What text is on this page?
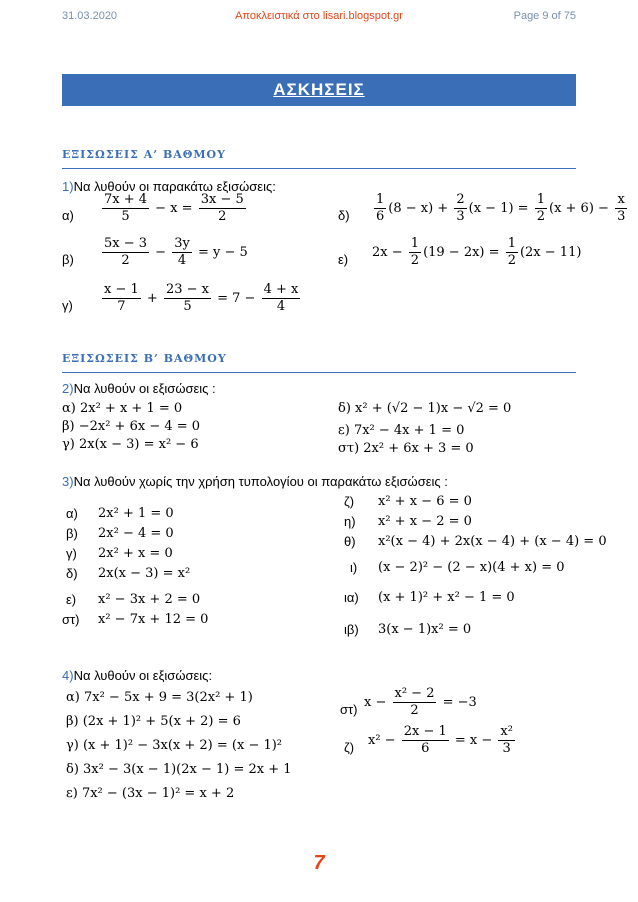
31.03.2020	Αποκλειστικά στο lisari.blogspot.gr	Page 9 of 75
ΑΣΚΗΣΕΙΣ
ΕΞΙΣΩΣΕΙΣ Α’ ΒΑΘΜΟΥ
1)Να λυθούν οι παρακάτω εξισώσεις:
$\alpha) \frac{7x + 4}{5} - x = \frac{3x - 5}{2}$	$\delta) \frac{1}{6} (8 - x) + \frac{2}{3} (x - 1) = \frac{1}{2} (x + 6) - \frac{x}{3}$
$\beta) \frac{5x - 3}{2} - \frac{3y}{4} = y - 5$	ε) $2x - \frac{1}{2} (19 - 2x) = \frac{1}{2} (2x - 11)$
$\gamma) \frac{x - 1}{7} + \frac{23 - x}{5} = 7 - \frac{4 + x}{4}$
ΕΞΙΣΩΣΕΙΣ Β’ ΒΑΘΜΟΥ
2)Να λυθούν οι εξισώσεις :
α) 2x² + x + 1 = 0
β) −2x² + 6x − 4 = 0
γ) 2x(x − 3) = x² − 6
δ) x² + (√2 − 1)x − √2 = 0
ε) 7x² − 4x + 1 = 0
στ) 2x² + 6x + 3 = 0
3)Να λυθούν χωρίς την χρήση τυπολογίου οι παρακάτω εξισώσεις :
α) 2x² + 1 = 0
β) 2x² − 4 = 0
γ) 2x² + x = 0
δ) 2x(x − 3) = x²
ε) x² − 3x + 2 = 0
στ) x² − 7x + 12 = 0
ζ) x² + x − 6 = 0
η) x² + x − 2 = 0
θ) x²(x − 4) + 2x(x − 4) + (x − 4) = 0
ι) (x − 2)² − (2 − x)(4 + x) = 0
ια) (x + 1)² + x² − 1 = 0
ιβ) 3(x − 1)x² = 0
4)Να λυθούν οι εξισώσεις:
α) 7x² − 5x + 9 = 3(2x² + 1)
β) (2x + 1)² + 5(x + 2) = 6
γ) (x + 1)² − 3x(x + 2) = (x − 1)²
δ) 3x² − 3(x − 1)(2x − 1) = 2x + 1
ε) 7x² − (3x − 1)² = x + 2
στ) $x - \frac{\text{x² − 2}}{2} = -3$
ζ) $x^2 - \frac{2x - 1}{6} = x - \frac{\text{x²}}{3}$
7
